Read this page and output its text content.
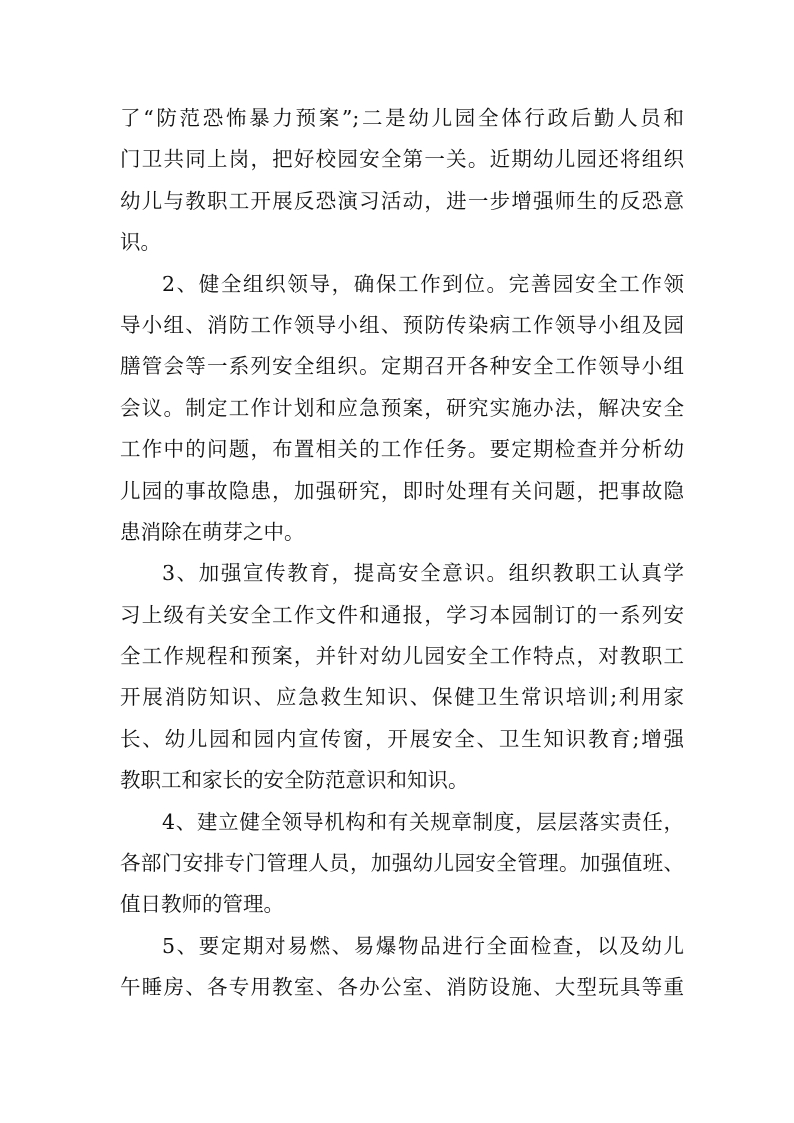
了“防范恐怖暴力预案”;二是幼儿园全体行政后勤人员和
门卫共同上岗，把好校园安全第一关。近期幼儿园还将组织
幼儿与教职工开展反恐演习活动，进一步增强师生的反恐意
识。
2、健全组织领导，确保工作到位。完善园安全工作领
导小组、消防工作领导小组、预防传染病工作领导小组及园
膳管会等一系列安全组织。定期召开各种安全工作领导小组
会议。制定工作计划和应急预案，研究实施办法，解决安全
工作中的问题，布置相关的工作任务。要定期检查并分析幼
儿园的事故隐患，加强研究，即时处理有关问题，把事故隐
患消除在萌芽之中。
3、加强宣传教育，提高安全意识。组织教职工认真学
习上级有关安全工作文件和通报，学习本园制订的一系列安
全工作规程和预案，并针对幼儿园安全工作特点，对教职工
开展消防知识、应急救生知识、保健卫生常识培训;利用家
长、幼儿园和园内宣传窗，开展安全、卫生知识教育;增强
教职工和家长的安全防范意识和知识。
4、建立健全领导机构和有关规章制度，层层落实责任，
各部门安排专门管理人员，加强幼儿园安全管理。加强值班、
值日教师的管理。
5、要定期对易燃、易爆物品进行全面检查，以及幼儿
午睡房、各专用教室、各办公室、消防设施、大型玩具等重
